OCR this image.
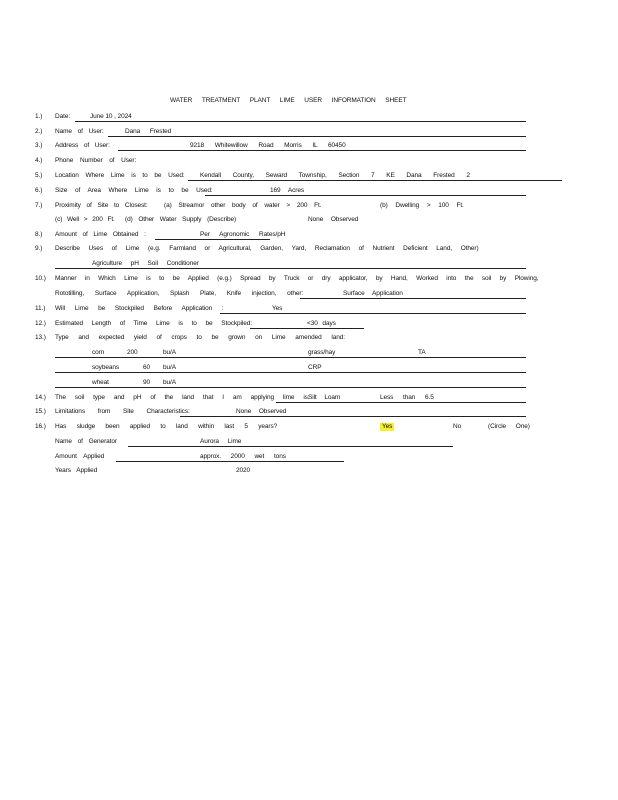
WATER TREATMENT PLANT LIME USER INFORMATION SHEET
1.) Date:	June 10 , 2024
2.) Name of User:	Dana Frested
3.) Address of User:	9218 Whitewillow Road Morris IL 60450
4.) Phone Number of User:
5.) Location Where Lime is to be Used: Kendall County, Seward Township, Section 7 KE Dana Frested 2
6.) Size of Area Where Lime is to be Used:	169 Acres
7.) Proximity of Site to Closest:	(a) Streamor other body of water > 200 Ft.	(b) Dwelling > 100 Ft.
(c) Well > 200 Ft. (d) Other Water Supply (Describe)	None Observed
8.) Amount of Lime Obtained :	Per Agronomic Rates/pH
9.) Describe Uses of Lime (e.g. Farmland or Agricultural, Garden, Yard, Reclamation of Nutrient Deficient Land, Other)
Agriculture pH Soil Conditioner
10.) Manner in Which Lime is to be Applied (e.g.) Spread by Truck or dry applicator, by Hand, Worked into the soil by Plowing,
Rototilling, Surface Application, Splash Plate, Knife injection, other:	Surface Application
11.) Will Lime be Stockpiled Before Application :	Yes
12.) Estimated Length of Time Lime is to be Stockpiled:	<30 days
13.) Type and expected yield of crops to be grown on Lime amended land:
corn	200	bu/A	grass/hay	TA
soybeans	60 bu/A	CRP
wheat	90 bu/A
14.) The soil type and pH of the land that I am applying lime is:
Silt Loam	Less than 6.5
15.) Limitations from Site Characteristics:	None Observed
16.) Has sludge been applied to land within last 5 years?	Yes	No	(Circle One)
Name of Generator	Aurora Lime
Amount Applied	approx. 2000 wet tons
Years Applied	2020
